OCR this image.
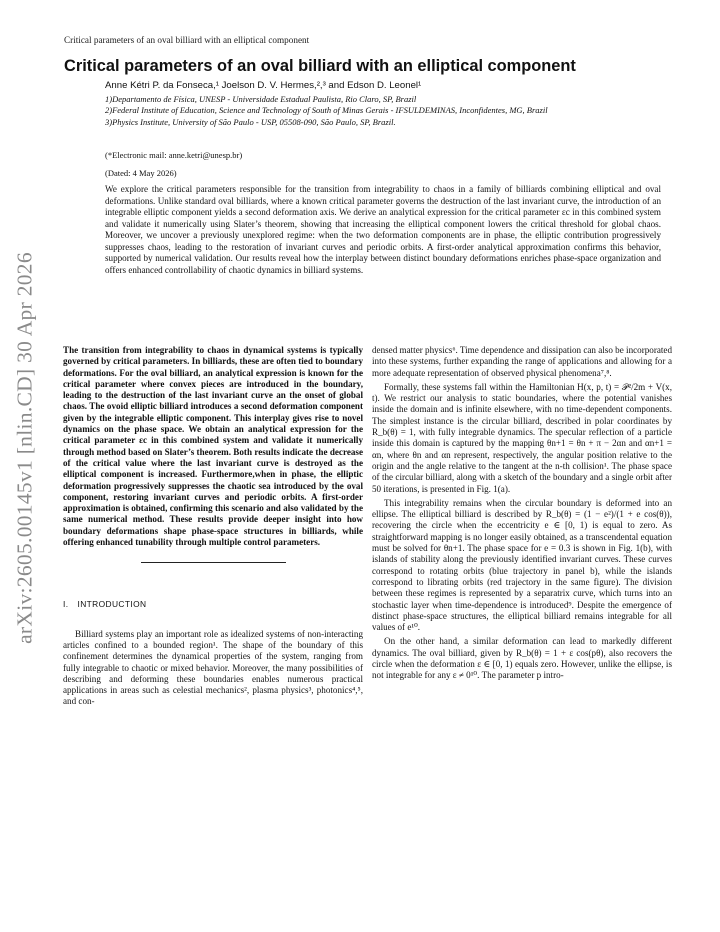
Critical parameters of an oval billiard with an elliptical component
arXiv:2605.00145v1 [nlin.CD] 30 Apr 2026
Critical parameters of an oval billiard with an elliptical component
Anne Kétri P. da Fonseca,¹ Joelson D. V. Hermes,²,³ and Edson D. Leonel¹
1)Departamento de Física, UNESP - Universidade Estadual Paulista, Rio Claro, SP, Brazil
2)Federal Institute of Education, Science and Technology of South of Minas Gerais - IFSULDEMINAS, Inconfidentes, MG, Brazil
3)Physics Institute, University of São Paulo - USP, 05508-090, São Paulo, SP, Brazil.
(*Electronic mail: anne.ketri@unesp.br)
(Dated: 4 May 2026)
We explore the critical parameters responsible for the transition from integrability to chaos in a family of billiards combining elliptical and oval deformations. Unlike standard oval billiards, where a known critical parameter governs the destruction of the last invariant curve, the introduction of an integrable elliptic component yields a second deformation axis. We derive an analytical expression for the critical parameter εc in this combined system and validate it numerically using Slater’s theorem, showing that increasing the elliptical component lowers the critical threshold for global chaos. Moreover, we uncover a previously unexplored regime: when the two deformation components are in phase, the elliptic contribution progressively suppresses chaos, leading to the restoration of invariant curves and periodic orbits. A first-order analytical approximation confirms this behavior, supported by numerical validation. Our results reveal how the interplay between distinct boundary deformations enriches phase-space organization and offers enhanced controllability of chaotic dynamics in billiard systems.

The transition from integrability to chaos in dynamical systems is typically governed by critical parameters. In billiards, these are often tied to boundary deformations. For the oval billiard, an analytical expression is known for the critical parameter where convex pieces are introduced in the boundary, leading to the destruction of the last invariant curve an the onset of global chaos. The ovoid elliptic billiard introduces a second deformation component given by the integrable elliptic component. This interplay gives rise to novel dynamics on the phase space. We obtain an analytical expression for the critical parameter εc in this combined system and validate it numerically through method based on Slater’s theorem. Both results indicate the decrease of the critical value where the last invariant curve is destroyed as the elliptical component is increased. Furthermore,when in phase, the elliptic deformation progressively suppresses the chaotic sea introduced by the oval component, restoring invariant curves and periodic orbits. A first-order approximation is obtained, confirming this scenario and also validated by the same numerical method. These results provide deeper insight into how boundary deformations shape phase-space structures in billiards, while offering enhanced tunability through multiple control parameters.

I. INTRODUCTION

Billiard systems play an important role as idealized systems of non-interacting articles confined to a bounded region¹. The shape of the boundary of this confinement determines the dynamical properties of the system, ranging from fully integrable to chaotic or mixed behavior. Moreover, the many possibilities of describing and deforming these boundaries enables numerous practical applications in areas such as celestial mechanics², plasma physics³, photonics⁴,⁵, and con-

densed matter physics⁶. Time dependence and dissipation can also be incorporated into these systems, further expanding the range of applications and allowing for a more adequate representation of observed physical phenomena⁷,⁸.

Formally, these systems fall within the Hamiltonian H(x, p, t) = 𝒫²/2m + V(x, t). We restrict our analysis to static boundaries, where the potential vanishes inside the domain and is infinite elsewhere, with no time-dependent components. The simplest instance is the circular billiard, described in polar coordinates by R_b(θ) = 1, with fully integrable dynamics. The specular reflection of a particle inside this domain is captured by the mapping θn+1 = θn + π − 2αn and αn+1 = αn, where θn and αn represent, respectively, the angular position relative to the origin and the angle relative to the tangent at the n-th collision¹. The phase space of the circular billiard, along with a sketch of the boundary and a single orbit after 50 iterations, is presented in Fig. 1(a).

This integrability remains when the circular boundary is deformed into an ellipse. The elliptical billiard is described by R_b(θ) = (1 − e²)/(1 + e cos(θ)), recovering the circle when the eccentricity e ∈ [0, 1) is equal to zero. As straightforward mapping is no longer easily obtained, as a transcendental equation must be solved for θn+1. The phase space for e = 0.3 is shown in Fig. 1(b), with islands of stability along the previously identified invariant curves. These curves correspond to rotating orbits (blue trajectory in panel b), while the islands correspond to librating orbits (red trajectory in the same figure). The division between these regimes is represented by a separatrix curve, which turns into an stochastic layer when time-dependence is introduced⁹. Despite the emergence of distinct phase-space structures, the elliptical billiard remains integrable for all values of e¹⁰.

On the other hand, a similar deformation can lead to markedly different dynamics. The oval billiard, given by R_b(θ) = 1 + ε cos(pθ), also recovers the circle when the deformation ε ∈ [0, 1) equals zero. However, unlike the ellipse, is not integrable for any ε ≠ 0¹⁰. The parameter p intro-
